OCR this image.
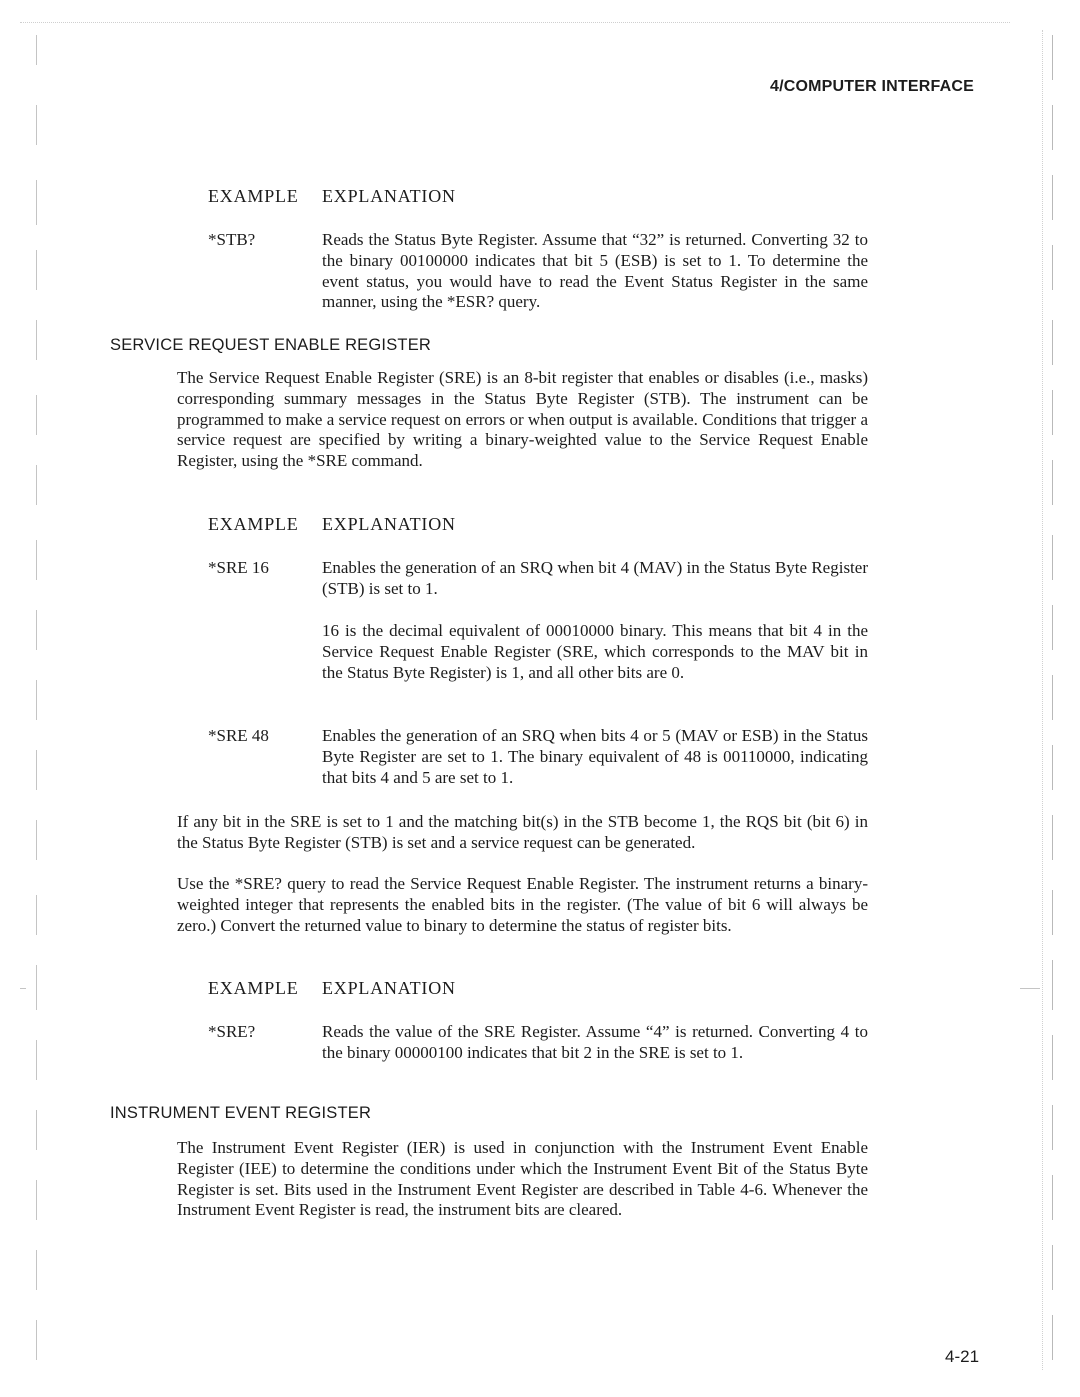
4/COMPUTER INTERFACE
EXAMPLE EXPLANATION
*STB?	Reads the Status Byte Register. Assume that “32” is returned. Converting 32 to the binary 00100000 indicates that bit 5 (ESB) is set to 1. To determine the event status, you would have to read the Event Status Register in the same manner, using the *ESR? query.
SERVICE REQUEST ENABLE REGISTER
The Service Request Enable Register (SRE) is an 8-bit register that enables or disables (i.e., masks) corresponding summary messages in the Status Byte Register (STB). The instrument can be programmed to make a service request on errors or when output is available. Conditions that trigger a service request are specified by writing a binary-weighted value to the Service Request Enable Register, using the *SRE command.
EXAMPLE EXPLANATION
*SRE 16	Enables the generation of an SRQ when bit 4 (MAV) in the Status Byte Register (STB) is set to 1.
16 is the decimal equivalent of 00010000 binary. This means that bit 4 in the Service Request Enable Register (SRE, which corresponds to the MAV bit in the Status Byte Register) is 1, and all other bits are 0.
*SRE 48	Enables the generation of an SRQ when bits 4 or 5 (MAV or ESB) in the Status Byte Register are set to 1. The binary equivalent of 48 is 00110000, indicating that bits 4 and 5 are set to 1.
If any bit in the SRE is set to 1 and the matching bit(s) in the STB become 1, the RQS bit (bit 6) in the Status Byte Register (STB) is set and a service request can be generated.
Use the *SRE? query to read the Service Request Enable Register. The instrument returns a binary-weighted integer that represents the enabled bits in the register. (The value of bit 6 will always be zero.) Convert the returned value to binary to determine the status of register bits.
EXAMPLE EXPLANATION
*SRE?	Reads the value of the SRE Register. Assume “4” is returned. Converting 4 to the binary 00000100 indicates that bit 2 in the SRE is set to 1.
INSTRUMENT EVENT REGISTER
The Instrument Event Register (IER) is used in conjunction with the Instrument Event Enable Register (IEE) to determine the conditions under which the Instrument Event Bit of the Status Byte Register is set. Bits used in the Instrument Event Register are described in Table 4-6. Whenever the Instrument Event Register is read, the instrument bits are cleared.
4-21
